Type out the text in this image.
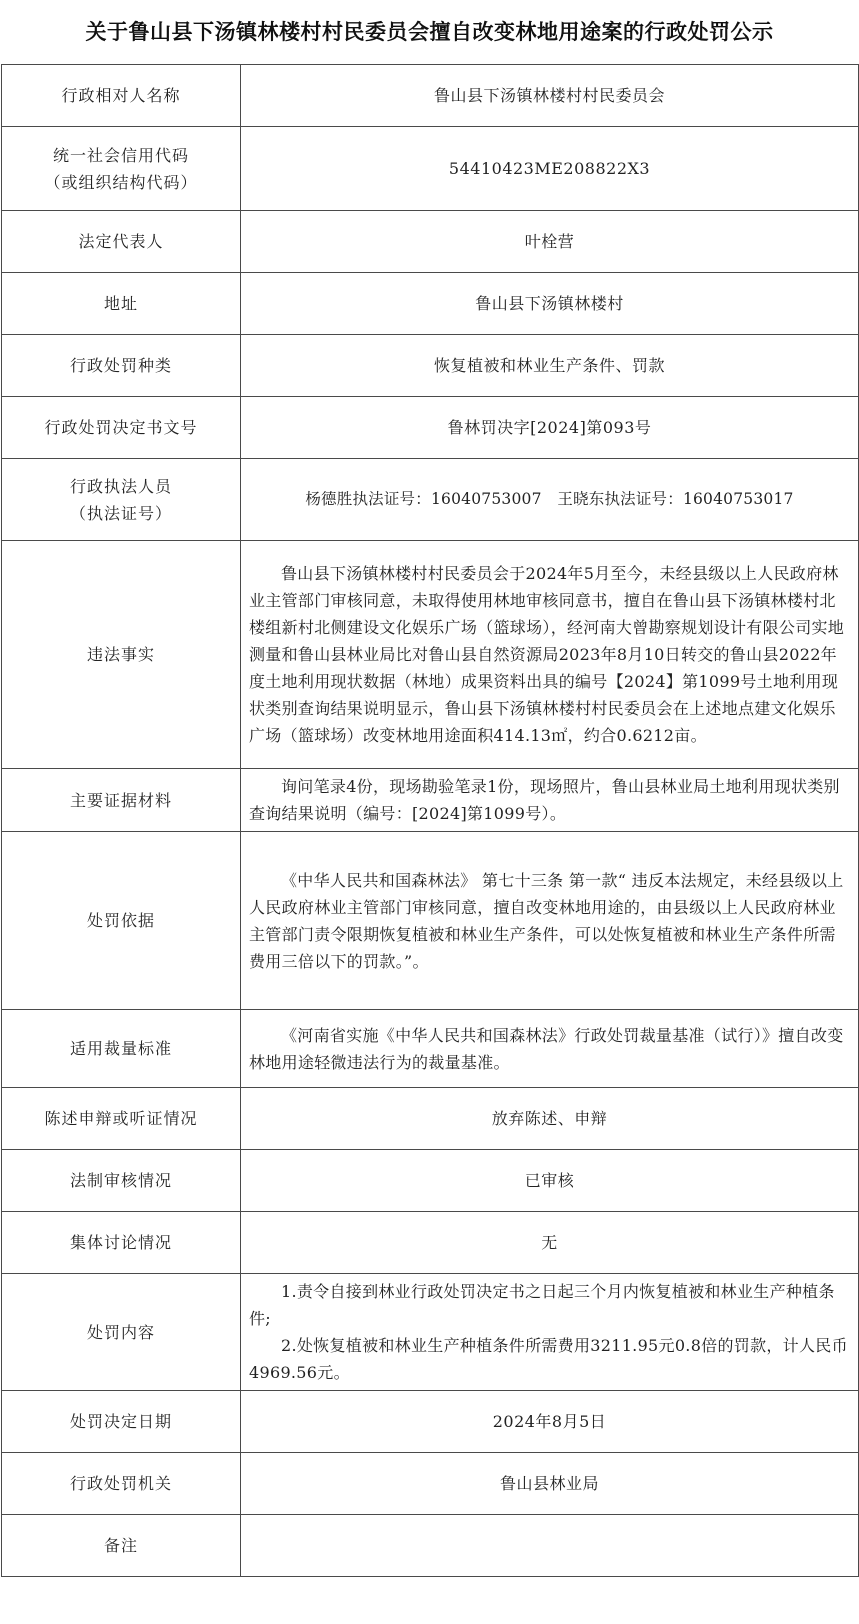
关于鲁山县下汤镇林楼村村民委员会擅自改变林地用途案的行政处罚公示
行政相对人名称	鲁山县下汤镇林楼村村民委员会

统一社会信用代码
（或组织结构代码）	54410423ME208822X3

法定代表人	叶栓营

地址	鲁山县下汤镇林楼村

行政处罚种类	恢复植被和林业生产条件、罚款

行政处罚决定书文号	鲁林罚决字[2024]第093号

行政执法人员
（执法证号）	杨德胜执法证号：16040753007　王晓东执法证号：16040753017

违法事实	鲁山县下汤镇林楼村村民委员会于2024年5月至今，未经县级以上人民政府林业主管部门审核同意，未取得使用林地审核同意书，擅自在鲁山县下汤镇林楼村北楼组新村北侧建设文化娱乐广场（篮球场），经河南大曾勘察规划设计有限公司实地测量和鲁山县林业局比对鲁山县自然资源局2023年8月10日转交的鲁山县2022年度土地利用现状数据（林地）成果资料出具的编号【2024】第1099号土地利用现状类别查询结果说明显示，鲁山县下汤镇林楼村村民委员会在上述地点建文化娱乐广场（篮球场）改变林地用途面积414.13㎡，约合0.6212亩。

主要证据材料	询问笔录4份，现场勘验笔录1份，现场照片，鲁山县林业局土地利用现状类别查询结果说明（编号：[2024]第1099号）。

处罚依据	《中华人民共和国森林法》 第七十三条 第一款“ 违反本法规定，未经县级以上人民政府林业主管部门审核同意，擅自改变林地用途的，由县级以上人民政府林业主管部门责令限期恢复植被和林业生产条件，可以处恢复植被和林业生产条件所需费用三倍以下的罚款。”。

适用裁量标准	《河南省实施《中华人民共和国森林法》行政处罚裁量基准（试行）》擅自改变林地用途轻微违法行为的裁量基准。

陈述申辩或听证情况	放弃陈述、申辩

法制审核情况	已审核

集体讨论情况	无

处罚内容	1.责令自接到林业行政处罚决定书之日起三个月内恢复植被和林业生产种植条件;
2.处恢复植被和林业生产种植条件所需费用3211.95元0.8倍的罚款，计人民币4969.56元。

处罚决定日期	2024年8月5日

行政处罚机关	鲁山县林业局

备注	
